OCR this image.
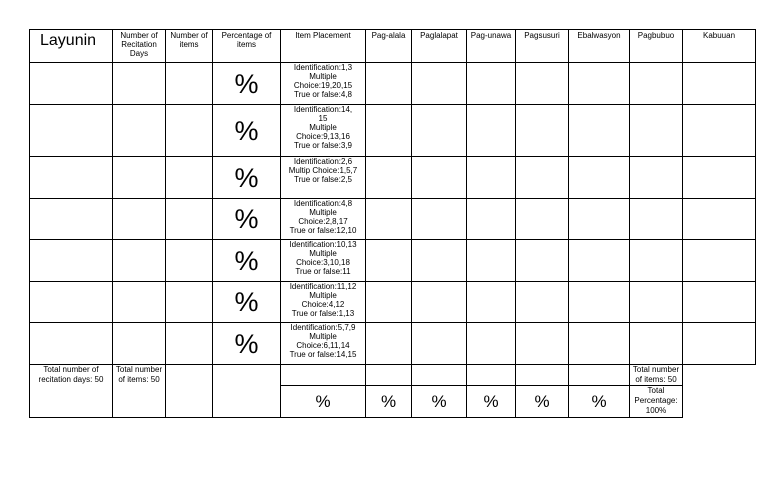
Layunin	Number of Recitation Days	Number of items	Percentage of items	Item Placement	Pag-alala	Paglalapat	Pag-unawa	Pagsusuri	Ebalwasyon	Pagbubuo	Kabuuan
			%	Identification:1,3
Multiple
Choice:19,20,15
True or false:4,8							

			%	Identification:14,
15
Multiple
Choice:9,13,16
True or false:3,9							

			%	Identification:2,6
Multip Choice:1,5,7
True or false:2,5							

			%	Identification:4,8
Multiple
Choice:2,8,17
True or false:12,10							

			%	Identification:10,13
Multiple
Choice:3,10,18
True or false:11							

			%	Identification:11,12
Multiple
Choice:4,12
True or false:1,13							

			%	Identification:5,7,9
Multiple
Choice:6,11,14
True or false:14,15							

Total number of recitation days: 50	Total number of items: 50									Total number of items: 50	
				%	%	%	%	%	%	Total Percentage: 100%	
